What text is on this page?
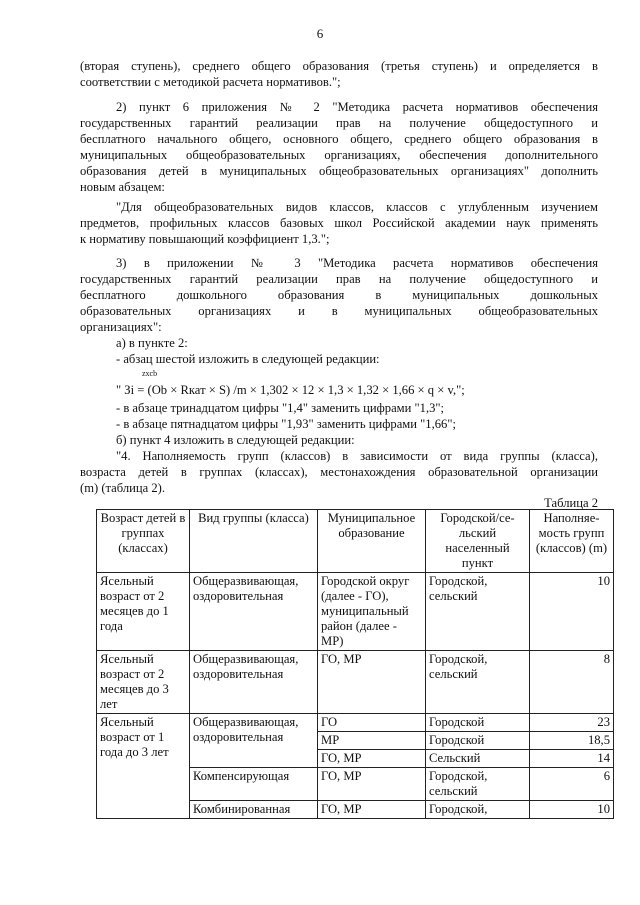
6
(вторая ступень), среднего общего образования (третья ступень) и определяется в
соответствии с методикой расчета нормативов.";
2) пункт 6 приложения № 2 "Методика расчета нормативов обеспечения
государственных гарантий реализации прав на получение общедоступного и
бесплатного начального общего, основного общего, среднего общего образования в
муниципальных общеобразовательных организациях, обеспечения дополнительного
образования детей в муниципальных общеобразовательных организациях" дополнить
новым абзацем:
"Для общеобразовательных видов классов, классов с углубленным изучением
предметов, профильных классов базовых школ Российской академии наук применять
к нормативу повышающий коэффициент 1,3.";
3) в приложении № 3 "Методика расчета нормативов обеспечения
государственных гарантий реализации прав на получение общедоступного и
бесплатного дошкольного образования в муниципальных дошкольных
образовательных организациях и в муниципальных общеобразовательных
организациях":
а) в пункте 2:
- абзац шестой изложить в следующей редакции:
zxcb
" Зi = (Ob × Rкат × S) /m × 1,302 × 12 × 1,3 × 1,32 × 1,66 × q × v,";
- в абзаце тринадцатом цифры "1,4" заменить цифрами "1,3";
- в абзаце пятнадцатом цифры "1,93" заменить цифрами "1,66";
б) пункт 4 изложить в следующей редакции:
"4. Наполняемость групп (классов) в зависимости от вида группы (класса),
возраста детей в группах (классах), местонахождения образовательной организации
(m) (таблица 2).
Таблица 2
Возраст детей в группах (классах)	Вид группы (класса)	Муниципальное образование	Городской/се-льский населенный пункт	Наполняе-мость групп (классов) (m)
Ясельный возраст от 2 месяцев до 1 года	Общеразвивающая, оздоровительная	Городской округ (далее - ГО), муниципальный район (далее - МР)	Городской, сельский	10
Ясельный возраст от 2 месяцев до 3 лет	Общеразвивающая, оздоровительная	ГО, МР	Городской, сельский	8
Ясельный возраст от 1 года до 3 лет	Общеразвивающая, оздоровительная	ГО	Городской	23
		МР	Городской	18,5
		ГО, МР	Сельский	14
	Компенсирующая	ГО, МР	Городской, сельский	6
	Комбинированная	ГО, МР	Городской,	10
